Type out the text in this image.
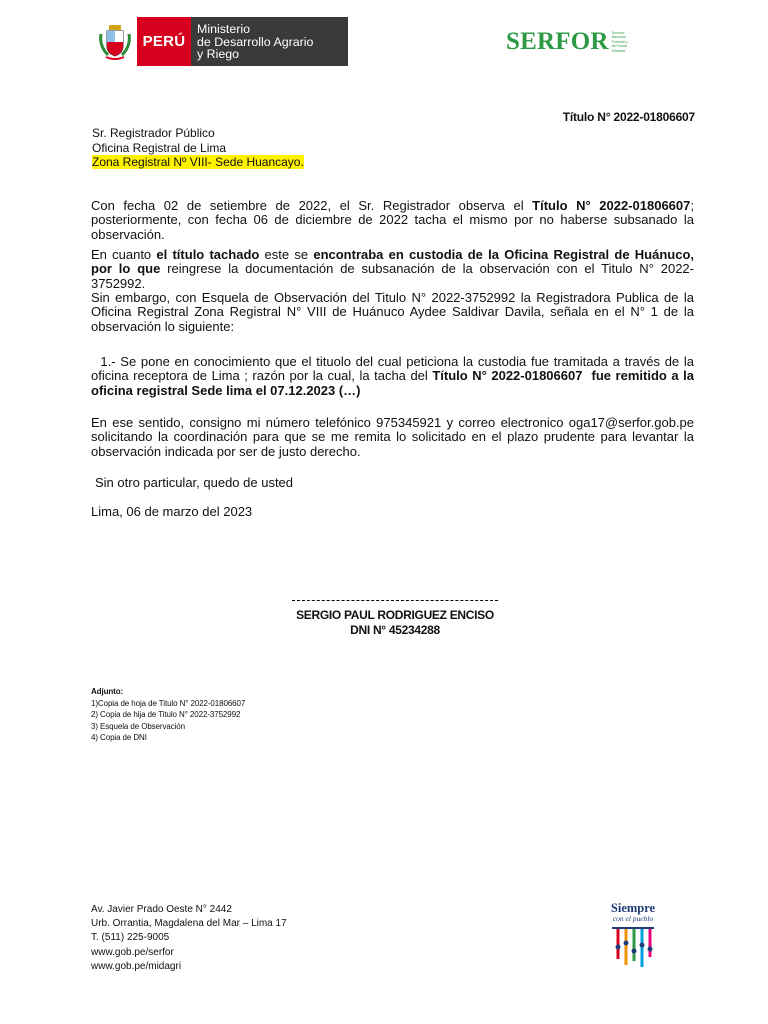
PERÚ
Ministerio
de Desarrollo Agrario
y Riego	SERFOR Servicio
Nacional
Forestal y
de Fauna
Silvestre
Título N° 2022-01806607
Sr. Registrador Público
Oficina Registral de Lima
Zona Registral Nº VIII- Sede Huancayo.

Con fecha 02 de setiembre de 2022, el Sr. Registrador observa el Título N° 2022-01806607; posteriormente, con fecha 06 de diciembre de 2022 tacha el mismo por no haberse subsanado la observación.

En cuanto el título tachado este se encontraba en custodia de la Oficina Registral de Huánuco, por lo que reingrese la documentación de subsanación de la observación con el Titulo N° 2022-3752992.

Sin embargo, con Esquela de Observación del Titulo N° 2022-3752992 la Registradora Publica de la Oficina Registral Zona Registral N° VIII de Huánuco Aydee Saldivar Davila, señala en el N° 1 de la observación lo siguiente:

1.- Se pone en conocimiento que el tituolo del cual peticiona la custodia fue tramitada a través de la oficina receptora de Lima ; razón por la cual, la tacha del Título N° 2022-01806607  fue remitido a la oficina registral Sede lima el 07.12.2023 (…)

En ese sentido, consigno mi número telefónico 975345921 y correo electronico oga17@serfor.gob.pe solicitando la coordinación para que se me remita lo solicitado en el plazo prudente para levantar la observación indicada por ser de justo derecho.

Sin otro particular, quedo de usted
Lima, 06 de marzo del 2023
SERGIO PAUL RODRIGUEZ ENCISO
DNI N° 45234288
Adjunto:
1)Copia de hoja de Titulo N° 2022-01806607
2) Copia de hija de Titulo N° 2022-3752992
3) Esquela de Observación
4) Copia de DNI
Av. Javier Prado Oeste N° 2442
Urb. Orrantia, Magdalena del Mar – Lima 17
T. (511) 225-9005
www.gob.pe/serfor
www.gob.pe/midagri
Siempre
con el pueblo
